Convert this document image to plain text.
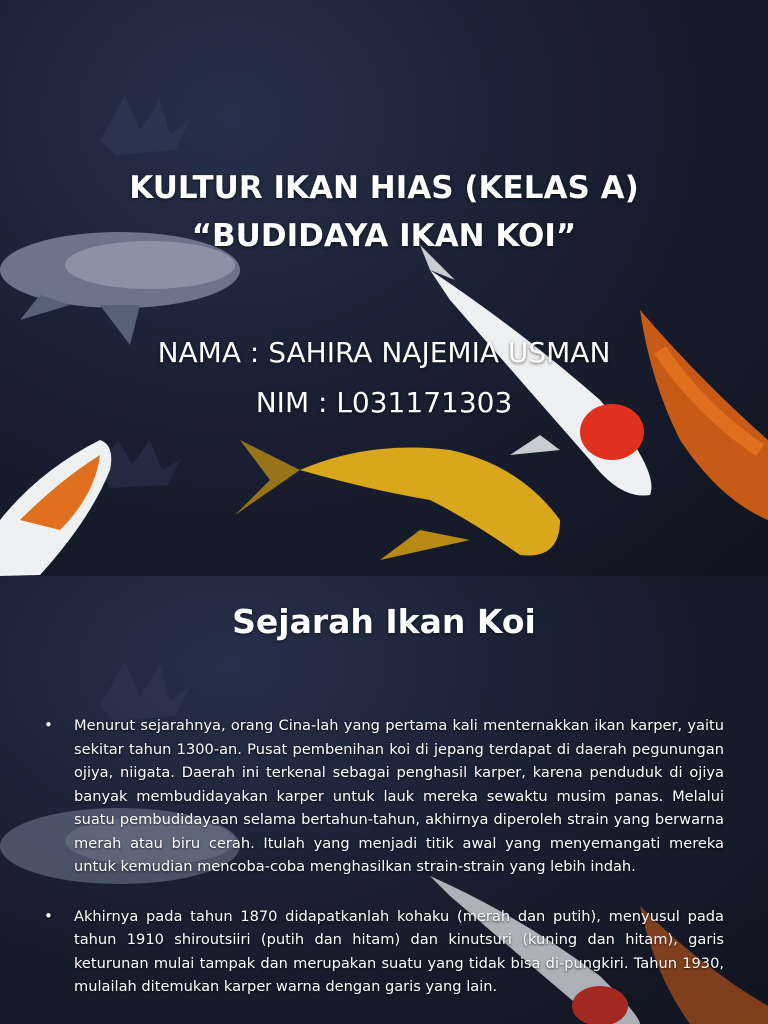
KULTUR IKAN HIAS (KELAS A)
“BUDIDAYA IKAN KOI”
NAMA : SAHIRA NAJEMIA USMAN
NIM : L031171303
Sejarah Ikan Koi
• Menurut sejarahnya, orang Cina-lah yang pertama kali menternakkan ikan karper, yaitu sekitar tahun 1300-an. Pusat pembenihan koi di jepang terdapat di daerah pegunungan ojiya, niigata. Daerah ini terkenal sebagai penghasil karper, karena penduduk di ojiya banyak membudidayakan karper untuk lauk mereka sewaktu musim panas. Melalui suatu pembudidayaan selama bertahun-tahun, akhirnya diperoleh strain yang berwarna merah atau biru cerah. Itulah yang menjadi titik awal yang menyemangati mereka untuk kemudian mencoba-coba menghasilkan strain-strain yang lebih indah.
• Akhirnya pada tahun 1870 didapatkanlah kohaku (merah dan putih), menyusul pada tahun 1910 shiroutsiiri (putih dan hitam) dan kinutsuri (kuning dan hitam), garis keturunan mulai tampak dan merupakan suatu yang tidak bisa di-pungkiri. Tahun 1930, mulailah ditemukan karper warna dengan garis yang lain.
